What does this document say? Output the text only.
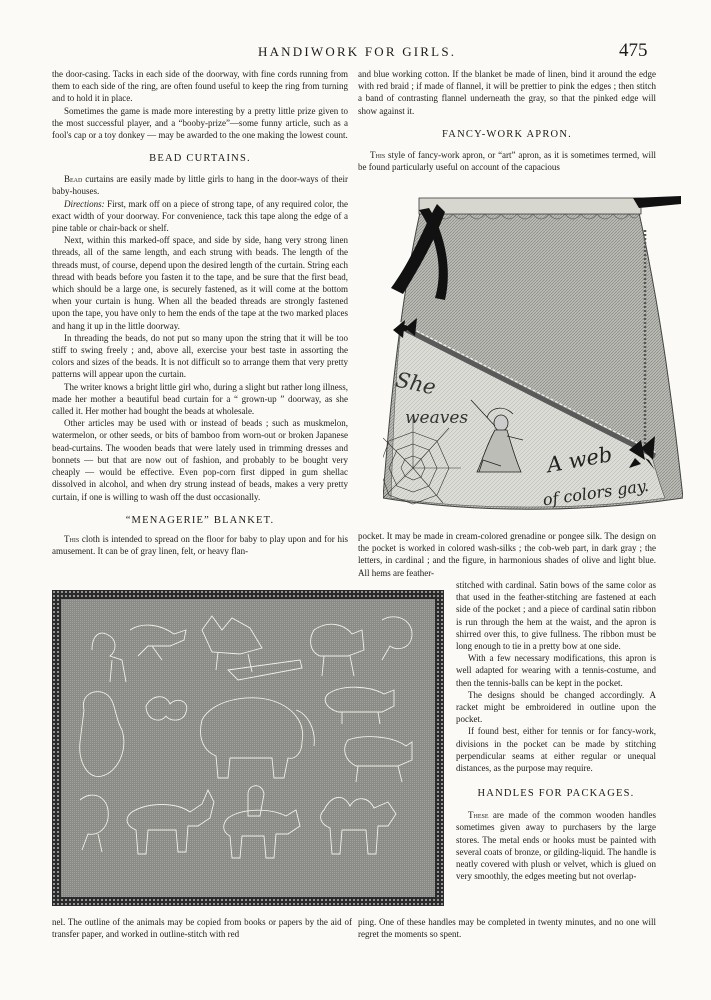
HANDIWORK FOR GIRLS.	475

the door-casing. Tacks in each side of the doorway, with fine cords running from them to each side of the ring, are often found useful to keep the ring from turning and to hold it in place.

Sometimes the game is made more interesting by a pretty little prize given to the most successful player, and a “booby-prize”—some funny article, such as a fool's cap or a toy donkey — may be awarded to the one making the lowest count.

BEAD CURTAINS.

Bead curtains are easily made by little girls to hang in the door-ways of their baby-houses.

Directions: First, mark off on a piece of strong tape, of any required color, the exact width of your doorway. For convenience, tack this tape along the edge of a pine table or chair-back or shelf.

Next, within this marked-off space, and side by side, hang very strong linen threads, all of the same length, and each strung with beads. The length of the threads must, of course, depend upon the desired length of the curtain. String each thread with beads before you fasten it to the tape, and be sure that the first bead, which should be a large one, is securely fastened, as it will come at the bottom when your curtain is hung. When all the beaded threads are strongly fastened upon the tape, you have only to hem the ends of the tape at the two marked places and hang it up in the little doorway.

In threading the beads, do not put so many upon the string that it will be too stiff to swing freely ; and, above all, exercise your best taste in assorting the colors and sizes of the beads. It is not difficult so to arrange them that very pretty patterns will appear upon the curtain.

The writer knows a bright little girl who, during a slight but rather long illness, made her mother a beautiful bead curtain for a “ grown-up ” doorway, as she called it. Her mother had bought the beads at wholesale.

Other articles may be used with or instead of beads ; such as muskmelon, watermelon, or other seeds, or bits of bamboo from worn-out or broken Japanese bead-curtains. The wooden beads that were lately used in trimming dresses and bonnets — but that are now out of fashion, and probably to be bought very cheaply — would be effective. Even pop-corn first dipped in gum shellac dissolved in alcohol, and when dry strung instead of beads, makes a very pretty curtain, if one is willing to wash off the dust occasionally.

“MENAGERIE” BLANKET.

This cloth is intended to spread on the floor for baby to play upon and for his amusement. It can be of gray linen, felt, or heavy flan-

and blue working cotton. If the blanket be made of linen, bind it around the edge with red braid ; if made of flannel, it will be prettier to pink the edges ; then stitch a band of contrasting flannel underneath the gray, so that the pinked edge will show against it.

FANCY-WORK APRON.

This style of fancy-work apron, or “art” apron, as it is sometimes termed, will be found particularly useful on account of the capacious

She
weaves
A web
of colors gay.

pocket. It may be made in cream-colored grenadine or pongee silk. The design on the pocket is worked in colored wash-silks ; the cob-web part, in dark gray ; the letters, in cardinal ; and the figure, in harmonious shades of olive and light blue. All hems are feather-

stitched with cardinal. Satin bows of the same color as that used in the feather-stitching are fastened at each side of the pocket ; and a piece of cardinal satin ribbon is run through the hem at the waist, and the apron is shirred over this, to give fullness. The ribbon must be long enough to tie in a pretty bow at one side.

With a few necessary modifications, this apron is well adapted for wearing with a tennis-costume, and then the tennis-balls can be kept in the pocket.

The designs should be changed accordingly. A racket might be embroidered in outline upon the pocket.

If found best, either for tennis or for fancy-work, divisions in the pocket can be made by stitching perpendicular seams at either regular or unequal distances, as the purpose may require.

HANDLES FOR PACKAGES.

These are made of the common wooden handles sometimes given away to purchasers by the large stores. The metal ends or hooks must be painted with several coats of bronze, or gilding-liquid. The handle is neatly covered with plush or velvet, which is glued on very smoothly, the edges meeting but not overlap-

nel. The outline of the animals may be copied from books or papers by the aid of transfer paper, and worked in outline-stitch with red

ping. One of these handles may be completed in twenty minutes, and no one will regret the moments so spent.
